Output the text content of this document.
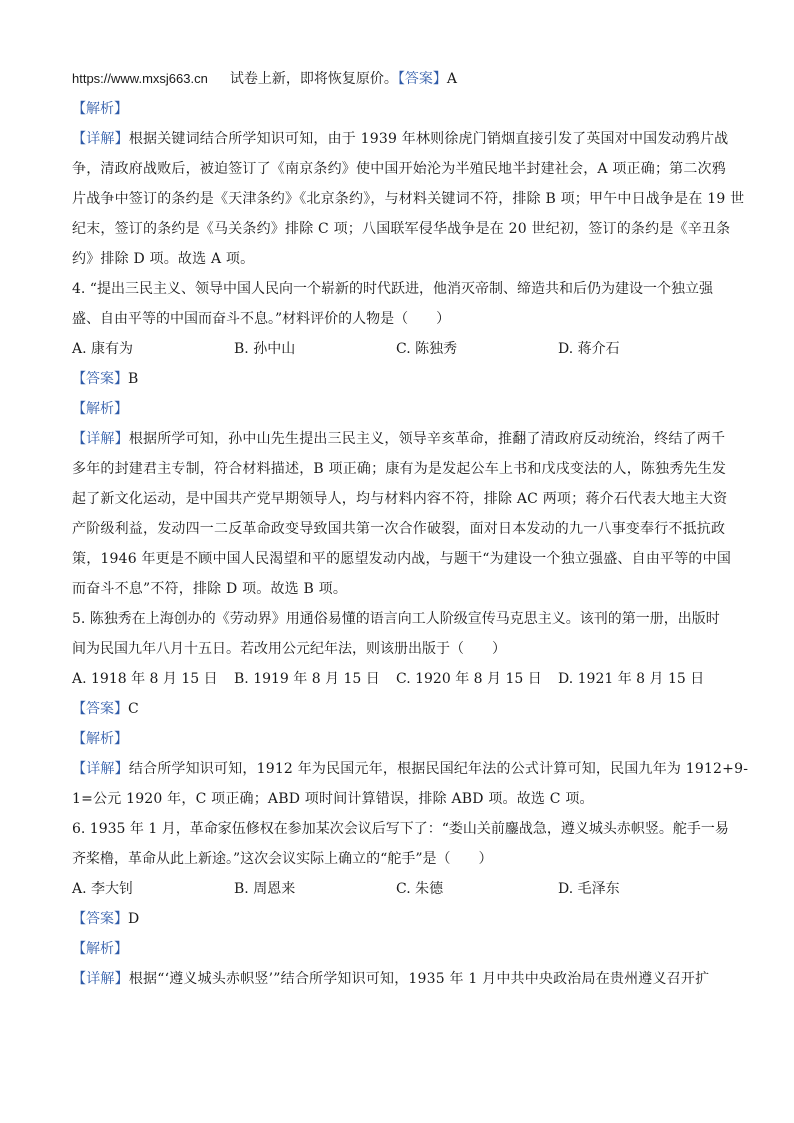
https://www.mxsj663.cn 试卷上新，即将恢复原价。【答案】A
【解析】
【详解】根据关键词结合所学知识可知，由于 1939 年林则徐虎门销烟直接引发了英国对中国发动鸦片战
争，清政府战败后，被迫签订了《南京条约》使中国开始沦为半殖民地半封建社会，A 项正确；第二次鸦
片战争中签订的条约是《天津条约》《北京条约》，与材料关键词不符，排除 B 项；甲午中日战争是在 19 世
纪末，签订的条约是《马关条约》排除 C 项；八国联军侵华战争是在 20 世纪初，签订的条约是《辛丑条
约》排除 D 项。故选 A 项。
4. “提出三民主义、领导中国人民向一个崭新的时代跃进，他消灭帝制、缔造共和后仍为建设一个独立强
盛、自由平等的中国而奋斗不息。”材料评价的人物是（　　）
A. 康有为	B. 孙中山	C. 陈独秀	D. 蒋介石
【答案】B
【解析】
【详解】根据所学可知，孙中山先生提出三民主义，领导辛亥革命，推翻了清政府反动统治，终结了两千
多年的封建君主专制，符合材料描述，B 项正确；康有为是发起公车上书和戊戌变法的人，陈独秀先生发
起了新文化运动，是中国共产党早期领导人，均与材料内容不符，排除 AC 两项；蒋介石代表大地主大资
产阶级利益，发动四一二反革命政变导致国共第一次合作破裂，面对日本发动的九一八事变奉行不抵抗政
策，1946 年更是不顾中国人民渴望和平的愿望发动内战，与题干“为建设一个独立强盛、自由平等的中国
而奋斗不息”不符，排除 D 项。故选 B 项。
5. 陈独秀在上海创办的《劳动界》用通俗易懂的语言向工人阶级宣传马克思主义。该刊的第一册，出版时
间为民国九年八月十五日。若改用公元纪年法，则该册出版于（　　）
A. 1918 年 8 月 15 日	B. 1919 年 8 月 15 日	C. 1920 年 8 月 15 日	D. 1921 年 8 月 15 日
【答案】C
【解析】
【详解】结合所学知识可知，1912 年为民国元年，根据民国纪年法的公式计算可知，民国九年为 1912+9-
1=公元 1920 年，C 项正确；ABD 项时间计算错误，排除 ABD 项。故选 C 项。
6. 1935 年 1 月，革命家伍修权在参加某次会议后写下了：“娄山关前鏖战急，遵义城头赤帜竖。舵手一易
齐桨橹，革命从此上新途。”这次会议实际上确立的“舵手”是（　　）
A. 李大钊	B. 周恩来	C. 朱德	D. 毛泽东
【答案】D
【解析】
【详解】根据“‘遵义城头赤帜竖’”结合所学知识可知，1935 年 1 月中共中央政治局在贵州遵义召开扩
